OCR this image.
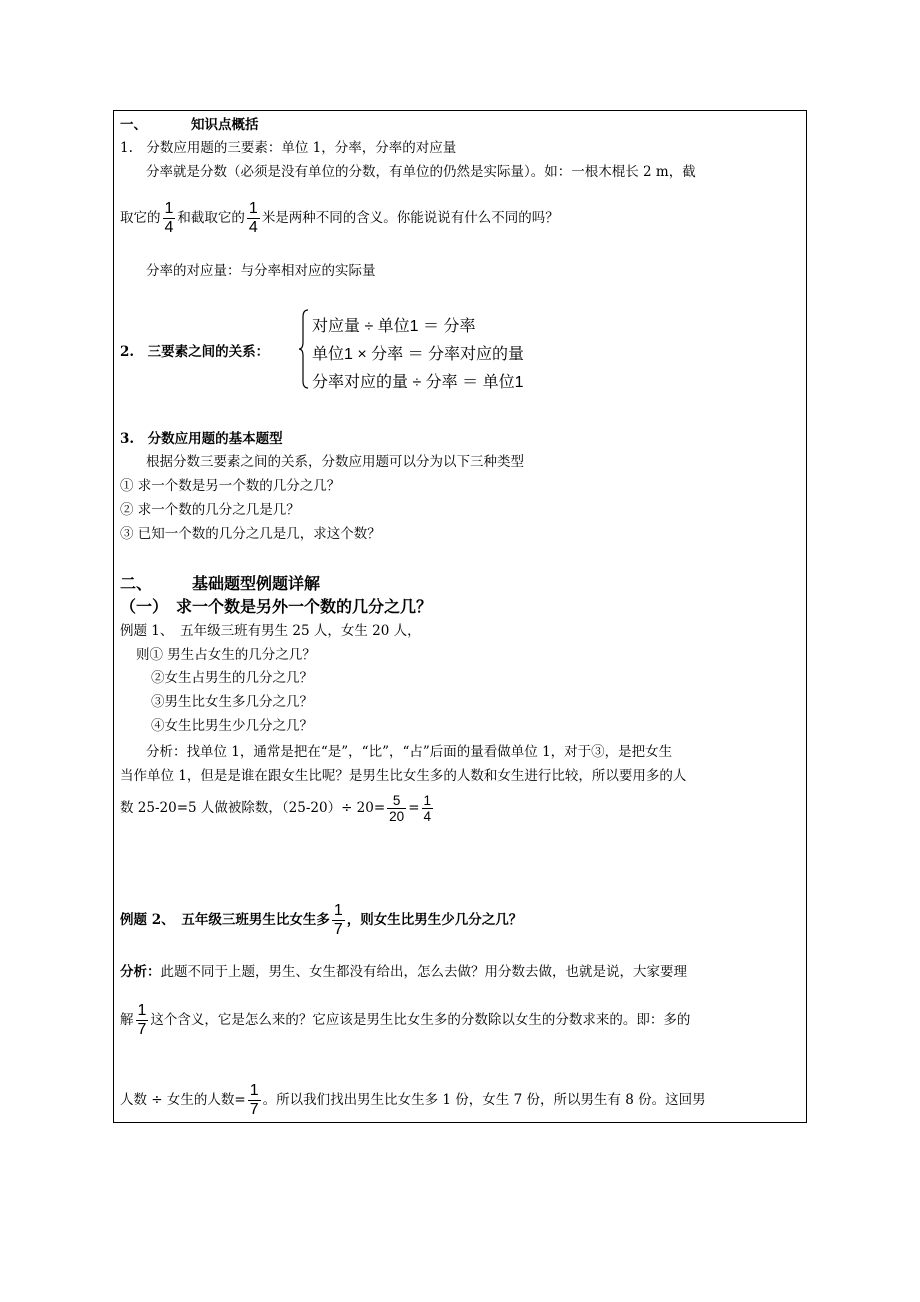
一、	知识点概括
1.　分数应用题的三要素：单位 1，分率，分率的对应量
分率就是分数（必须是没有单位的分数，有单位的仍然是实际量）。如：一根木棍长 2 m，截
取它的 $\frac{1}{4}$ 和截取它的 $\frac{1}{4}$ 米是两种不同的含义。你能说说有什么不同的吗？
分率的对应量：与分率相对应的实际量
2.　三要素之间的关系：
对应量 ÷ 单位1 ＝ 分率
单位1 × 分率 ＝ 分率对应的量
分率对应的量 ÷ 分率 ＝ 单位1
3.　分数应用题的基本题型
根据分数三要素之间的关系，分数应用题可以分为以下三种类型
① 求一个数是另一个数的几分之几？
② 求一个数的几分之几是几？
③ 已知一个数的几分之几是几，求这个数？
二、	基础题型例题详解
（一） 求一个数是另外一个数的几分之几？
例题 1、　五年级三班有男生 25 人，女生 20 人，
则① 男生占女生的几分之几？
②女生占男生的几分之几？
③男生比女生多几分之几？
④女生比男生少几分之几？
分析：找单位 1，通常是把在“是”，“比”，“占”后面的量看做单位 1，对于③，是把女生
当作单位 1，但是是谁在跟女生比呢？是男生比女生多的人数和女生进行比较，所以要用多的人
数 25-20=5 人做被除数，$(25-20)\div 20= \frac{5}{20} = \frac{1}{4}$
例题 2、　五年级三班男生比女生多 $\frac{1}{7}$ ，则女生比男生少几分之几？
分析：此题不同于上题，男生、女生都没有给出，怎么去做？用分数去做，也就是说，大家要理
解 $\frac{1}{7}$ 这个含义，它是怎么来的？它应该是男生比女生多的分数除以女生的分数求来的。即：多的
人数 ÷ 女生的人数= $\frac{1}{7}$ 。所以我们找出男生比女生多 1 份，女生 7 份，所以男生有 8 份。这回男
